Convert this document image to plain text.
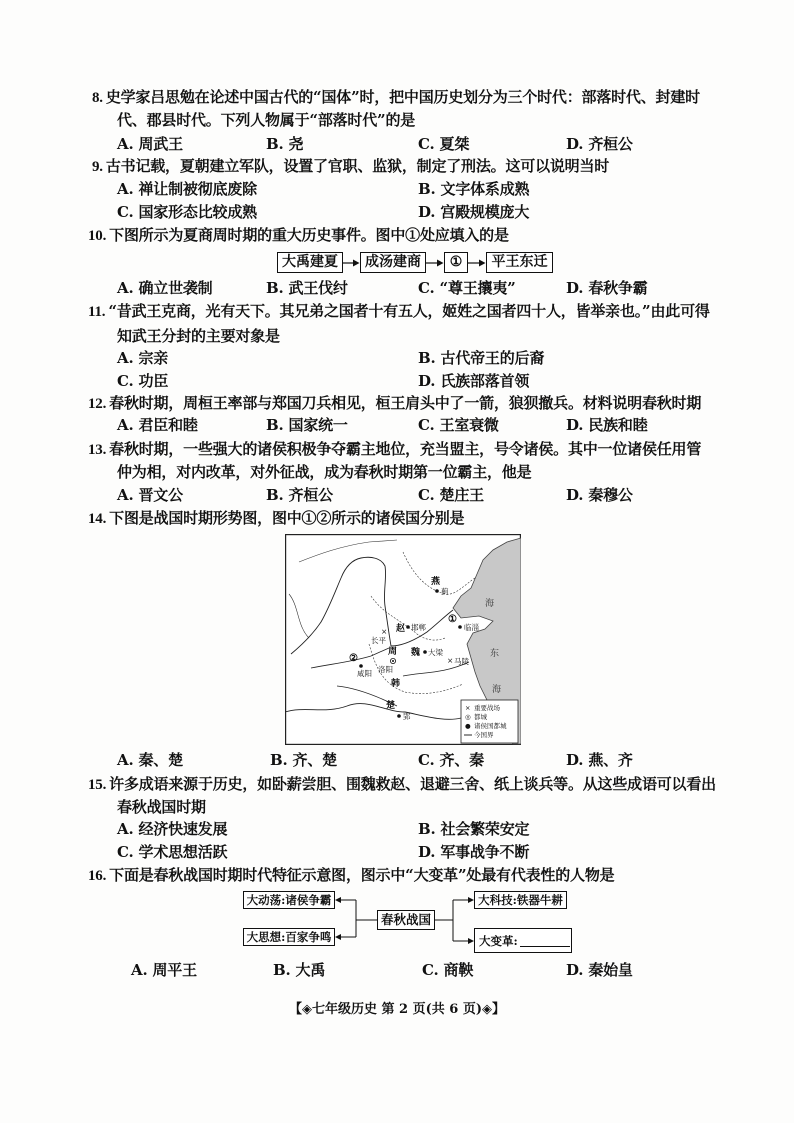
8. 史学家吕思勉在论述中国古代的“国体”时，把中国历史划分为三个时代：部落时代、封建时
代、郡县时代。下列人物属于“部落时代”的是
A. 周武王	B. 尧	C. 夏桀	D. 齐桓公
9. 古书记载，夏朝建立军队，设置了官职、监狱，制定了刑法。这可以说明当时
A. 禅让制被彻底废除	B. 文字体系成熟
C. 国家形态比较成熟	D. 宫殿规模庞大
10. 下图所示为夏商周时期的重大历史事件。图中①处应填入的是
大禹建夏	成汤建商	①	平王东迁
A. 确立世袭制	B. 武王伐纣	C. “尊王攘夷”	D. 春秋争霸
11. “昔武王克商，光有天下。其兄弟之国者十有五人，姬姓之国者四十人，皆举亲也。”由此可得
知武王分封的主要对象是
A. 宗亲	B. 古代帝王的后裔
C. 功臣	D. 氏族部落首领
12. 春秋时期，周桓王率部与郑国刀兵相见，桓王肩头中了一箭，狼狈撤兵。材料说明春秋时期
A. 君臣和睦	B. 国家统一	C. 王室衰微	D. 民族和睦
13. 春秋时期，一些强大的诸侯积极争夺霸主地位，充当盟主，号令诸侯。其中一位诸侯任用管
仲为相，对内改革，对外征战，成为春秋时期第一位霸主，他是
A. 晋文公	B. 齐桓公	C. 楚庄王	D. 秦穆公
14. 下图是战国时期形势图，图中①②所示的诸侯国分别是
燕
蓟
赵 邯郸
×
长平
①
临淄
②
咸阳
周
洛阳
魏 大梁
韩
× 马陵
楚
郢
海
东
海
× 重要战场
◎ 都城
● 诸侯国都城
今国界
A. 秦、楚	B. 齐、楚	C. 齐、秦	D. 燕、齐
15. 许多成语来源于历史，如卧薪尝胆、围魏救赵、退避三舍、纸上谈兵等。从这些成语可以看出
春秋战国时期
A. 经济快速发展	B. 社会繁荣安定
C. 学术思想活跃	D. 军事战争不断
16. 下面是春秋战国时期时代特征示意图，图示中“大变革”处最有代表性的人物是
大动荡:诸侯争霸
大思想:百家争鸣
春秋战国
大科技:铁器牛耕
大变革:
A. 周平王	B. 大禹	C. 商鞅	D. 秦始皇
【◈七年级历史 第 2 页(共 6 页)◈】
